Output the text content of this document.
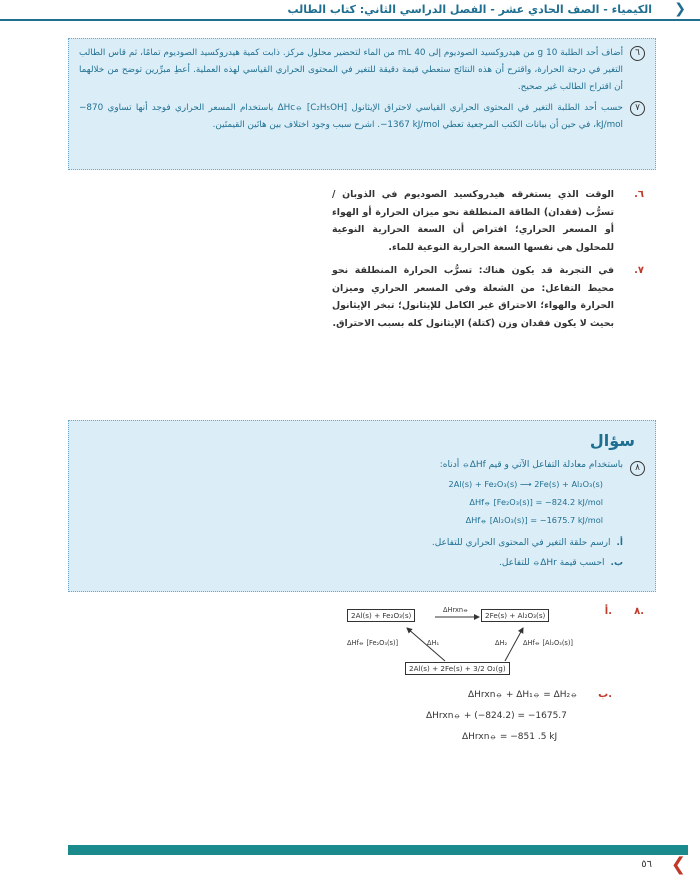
❯
الكيمياء - الصف الحادي عشر - الفصل الدراسي الثاني: كتاب الطالب
٦
أضاف أحد الطلبة 10 g من هيدروكسيد الصوديوم إلى 40 mL من الماء لتحضير محلول مركز. ذابت كمية هيدروكسيد الصوديوم تمامًا، ثم قاس الطالب التغير في درجة الحرارة، واقترح أن هذه النتائج ستعطي قيمة دقيقة للتغير في المحتوى الحراري القياسي لهذه العملية. أعطِ مبرِّرين توضح من خلالهما أن اقتراح الطالب غير صحيح.
٧
حسب أحد الطلبة التغير في المحتوى الحراري القياسي لاحتراق الإيثانول ΔHc⦵ [C₂H₅OH] باستخدام المسعر الحراري فوجد أنها تساوي ‎−870 kJ/mol‎، في حين أن بيانات الكتب المرجعية تعطي ‎−1367 kJ/mol‎. اشرح سبب وجود اختلاف بين هاتَين القيمتَين.
٦.
الوقت الذي يستغرقه هيدروكسيد الصوديوم في الذوبان / تسرُّب (فقدان) الطاقة المنطلقة نحو ميزان الحرارة أو الهواء أو المسعر الحراري؛ افتراض أن السعة الحرارية النوعية للمحلول هي نفسها السعة الحرارية النوعية للماء.
٧.
في التجربة قد يكون هناك: تسرُّب الحرارة المنطلقة نحو محيط التفاعل: من الشعلة وفي المسعر الحراري وميزان الحرارة والهواء؛ الاحتراق غير الكامل للإيثانول؛ تبخر الإيثانول بحيث لا يكون فقدان وزن (كتلة) الإيثانول كله بسبب الاحتراق.
سؤال
٨
باستخدام معادلة التفاعل الآتي و قيم ΔHf⦵ أدناه:
2Al(s) + Fe₂O₃(s) ⟶ 2Fe(s) + Al₂O₃(s)
ΔHf⦵ [Fe₂O₃(s)] = −824.2 kJ/mol
ΔHf⦵ [Al₂O₃(s)] = −1675.7 kJ/mol
أ.ارسم حلقة التغير في المحتوى الحراري للتفاعل.
ب.احسب قيمة ΔHr⦵ للتفاعل.
٨.
أ.
2Al(s) + Fe₂O₃(s)	2Fe(s) + Al₂O₃(s)
2Al(s) + 2Fe(s) + 3/2 O₂(g)
ΔHrxn⦵
ΔHf⦵ [Fe₂O₃(s)]	ΔH₁	ΔH₂ ΔHf⦵ [Al₂O₃(s)]
ب.
ΔHrxn⦵ + ΔH₁⦵ = ΔH₂⦵
ΔHrxn⦵ + (−824.2) = −1675.7
ΔHrxn⦵ = −851 .5 kJ
❮
٥٦
